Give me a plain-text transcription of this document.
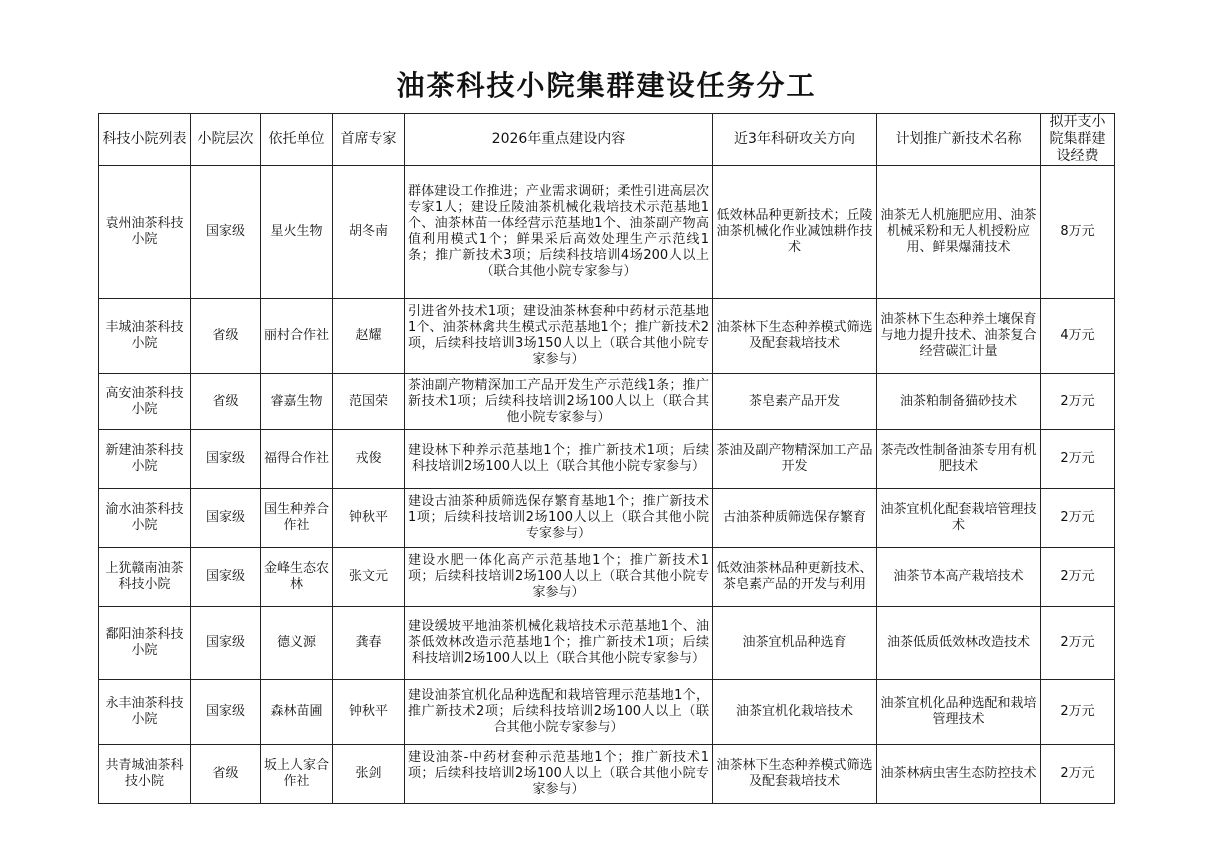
油茶科技小院集群建设任务分工
科技小院列表	小院层次	依托单位	首席专家	2026年重点建设内容	近3年科研攻关方向	计划推广新技术名称	拟开支小院集群建设经费
袁州油茶科技小院	国家级	星火生物	胡冬南	群体建设工作推进；产业需求调研；柔性引进高层次专家1人；建设丘陵油茶机械化栽培技术示范基地1个、油茶林苗一体经营示范基地1个、油茶副产物高值利用模式1个；鲜果采后高效处理生产示范线1条；推广新技术3项；后续科技培训4场200人以上（联合其他小院专家参与）	低效林品种更新技术；丘陵油茶机械化作业减蚀耕作技术	油茶无人机施肥应用、油茶机械采粉和无人机授粉应用、鲜果爆蒲技术	8万元
丰城油茶科技小院	省级	丽村合作社	赵耀	引进省外技术1项；建设油茶林套种中药材示范基地1个、油茶林禽共生模式示范基地1个；推广新技术2项，后续科技培训3场150人以上（联合其他小院专家参与）	油茶林下生态种养模式筛选及配套栽培技术	油茶林下生态种养土壤保育与地力提升技术、油茶复合经营碳汇计量	4万元
高安油茶科技小院	省级	睿嘉生物	范国荣	茶油副产物精深加工产品开发生产示范线1条；推广新技术1项；后续科技培训2场100人以上（联合其他小院专家参与）	茶皂素产品开发	油茶粕制备猫砂技术	2万元
新建油茶科技小院	国家级	福得合作社	戎俊	建设林下种养示范基地1个；推广新技术1项；后续科技培训2场100人以上（联合其他小院专家参与）	茶油及副产物精深加工产品开发	茶壳改性制备油茶专用有机肥技术	2万元
渝水油茶科技小院	国家级	国生种养合作社	钟秋平	建设古油茶种质筛选保存繁育基地1个；推广新技术1项；后续科技培训2场100人以上（联合其他小院专家参与）	古油茶种质筛选保存繁育	油茶宜机化配套栽培管理技术	2万元
上犹赣南油茶科技小院	国家级	金峰生态农林	张文元	建设水肥一体化高产示范基地1个；推广新技术1项；后续科技培训2场100人以上（联合其他小院专家参与）	低效油茶林品种更新技术、茶皂素产品的开发与利用	油茶节本高产栽培技术	2万元
鄱阳油茶科技小院	国家级	德义源	龚春	建设缓坡平地油茶机械化栽培技术示范基地1个、油茶低效林改造示范基地1个；推广新技术1项；后续科技培训2场100人以上（联合其他小院专家参与）	油茶宜机品种选育	油茶低质低效林改造技术	2万元
永丰油茶科技小院	国家级	森林苗圃	钟秋平	建设油茶宜机化品种选配和栽培管理示范基地1个，推广新技术2项；后续科技培训2场100人以上（联合其他小院专家参与）	油茶宜机化栽培技术	油茶宜机化品种选配和栽培管理技术	2万元
共青城油茶科技小院	省级	坂上人家合作社	张剑	建设油茶-中药材套种示范基地1个；推广新技术1项；后续科技培训2场100人以上（联合其他小院专家参与）	油茶林下生态种养模式筛选及配套栽培技术	油茶林病虫害生态防控技术	2万元
